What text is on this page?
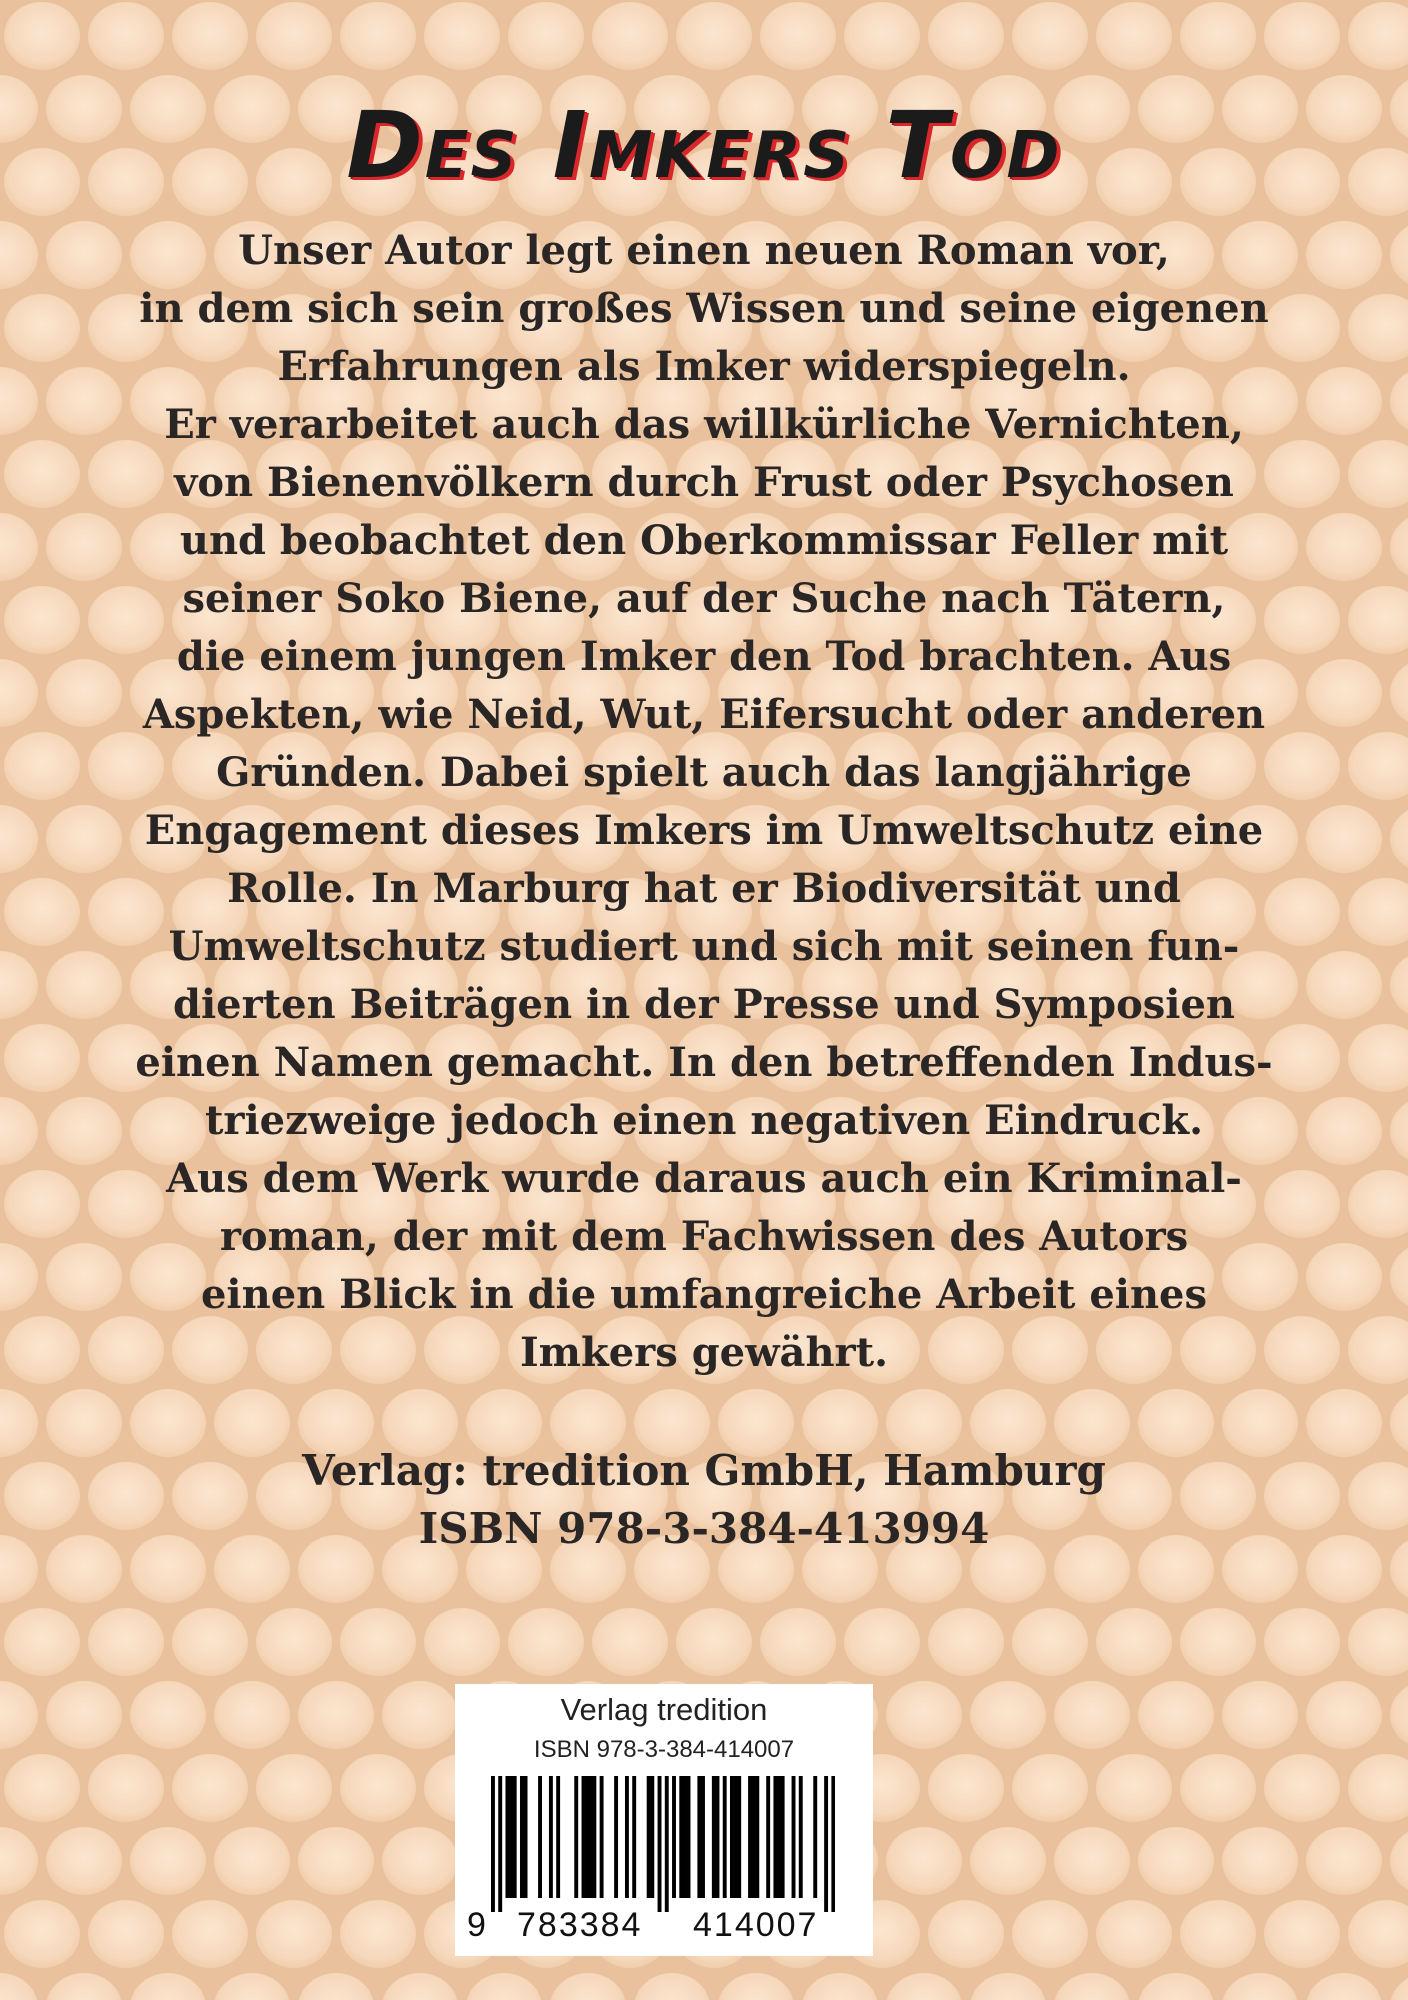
Des Imkers Tod
Unser Autor legt einen neuen Roman vor,
in dem sich sein großes Wissen und seine eigenen
Erfahrungen als Imker widerspiegeln.
Er verarbeitet auch das willkürliche Vernichten,
von Bienenvölkern durch Frust oder Psychosen
und beobachtet den Oberkommissar Feller mit
seiner Soko Biene, auf der Suche nach Tätern,
die einem jungen Imker den Tod brachten. Aus
Aspekten, wie Neid, Wut, Eifersucht oder anderen
Gründen. Dabei spielt auch das langjährige
Engagement dieses Imkers im Umweltschutz eine
Rolle. In Marburg hat er Biodiversität und
Umweltschutz studiert und sich mit seinen fun-
dierten Beiträgen in der Presse und Symposien
einen Namen gemacht. In den betreffenden Indus-
triezweige jedoch einen negativen Eindruck.
Aus dem Werk wurde daraus auch ein Kriminal-
roman, der mit dem Fachwissen des Autors
einen Blick in die umfangreiche Arbeit eines
Imkers gewährt.
Verlag: tredition GmbH, Hamburg
ISBN 978-3-384-413994
Verlag tredition
ISBN 978-3-384-414007
9 783384 414007
